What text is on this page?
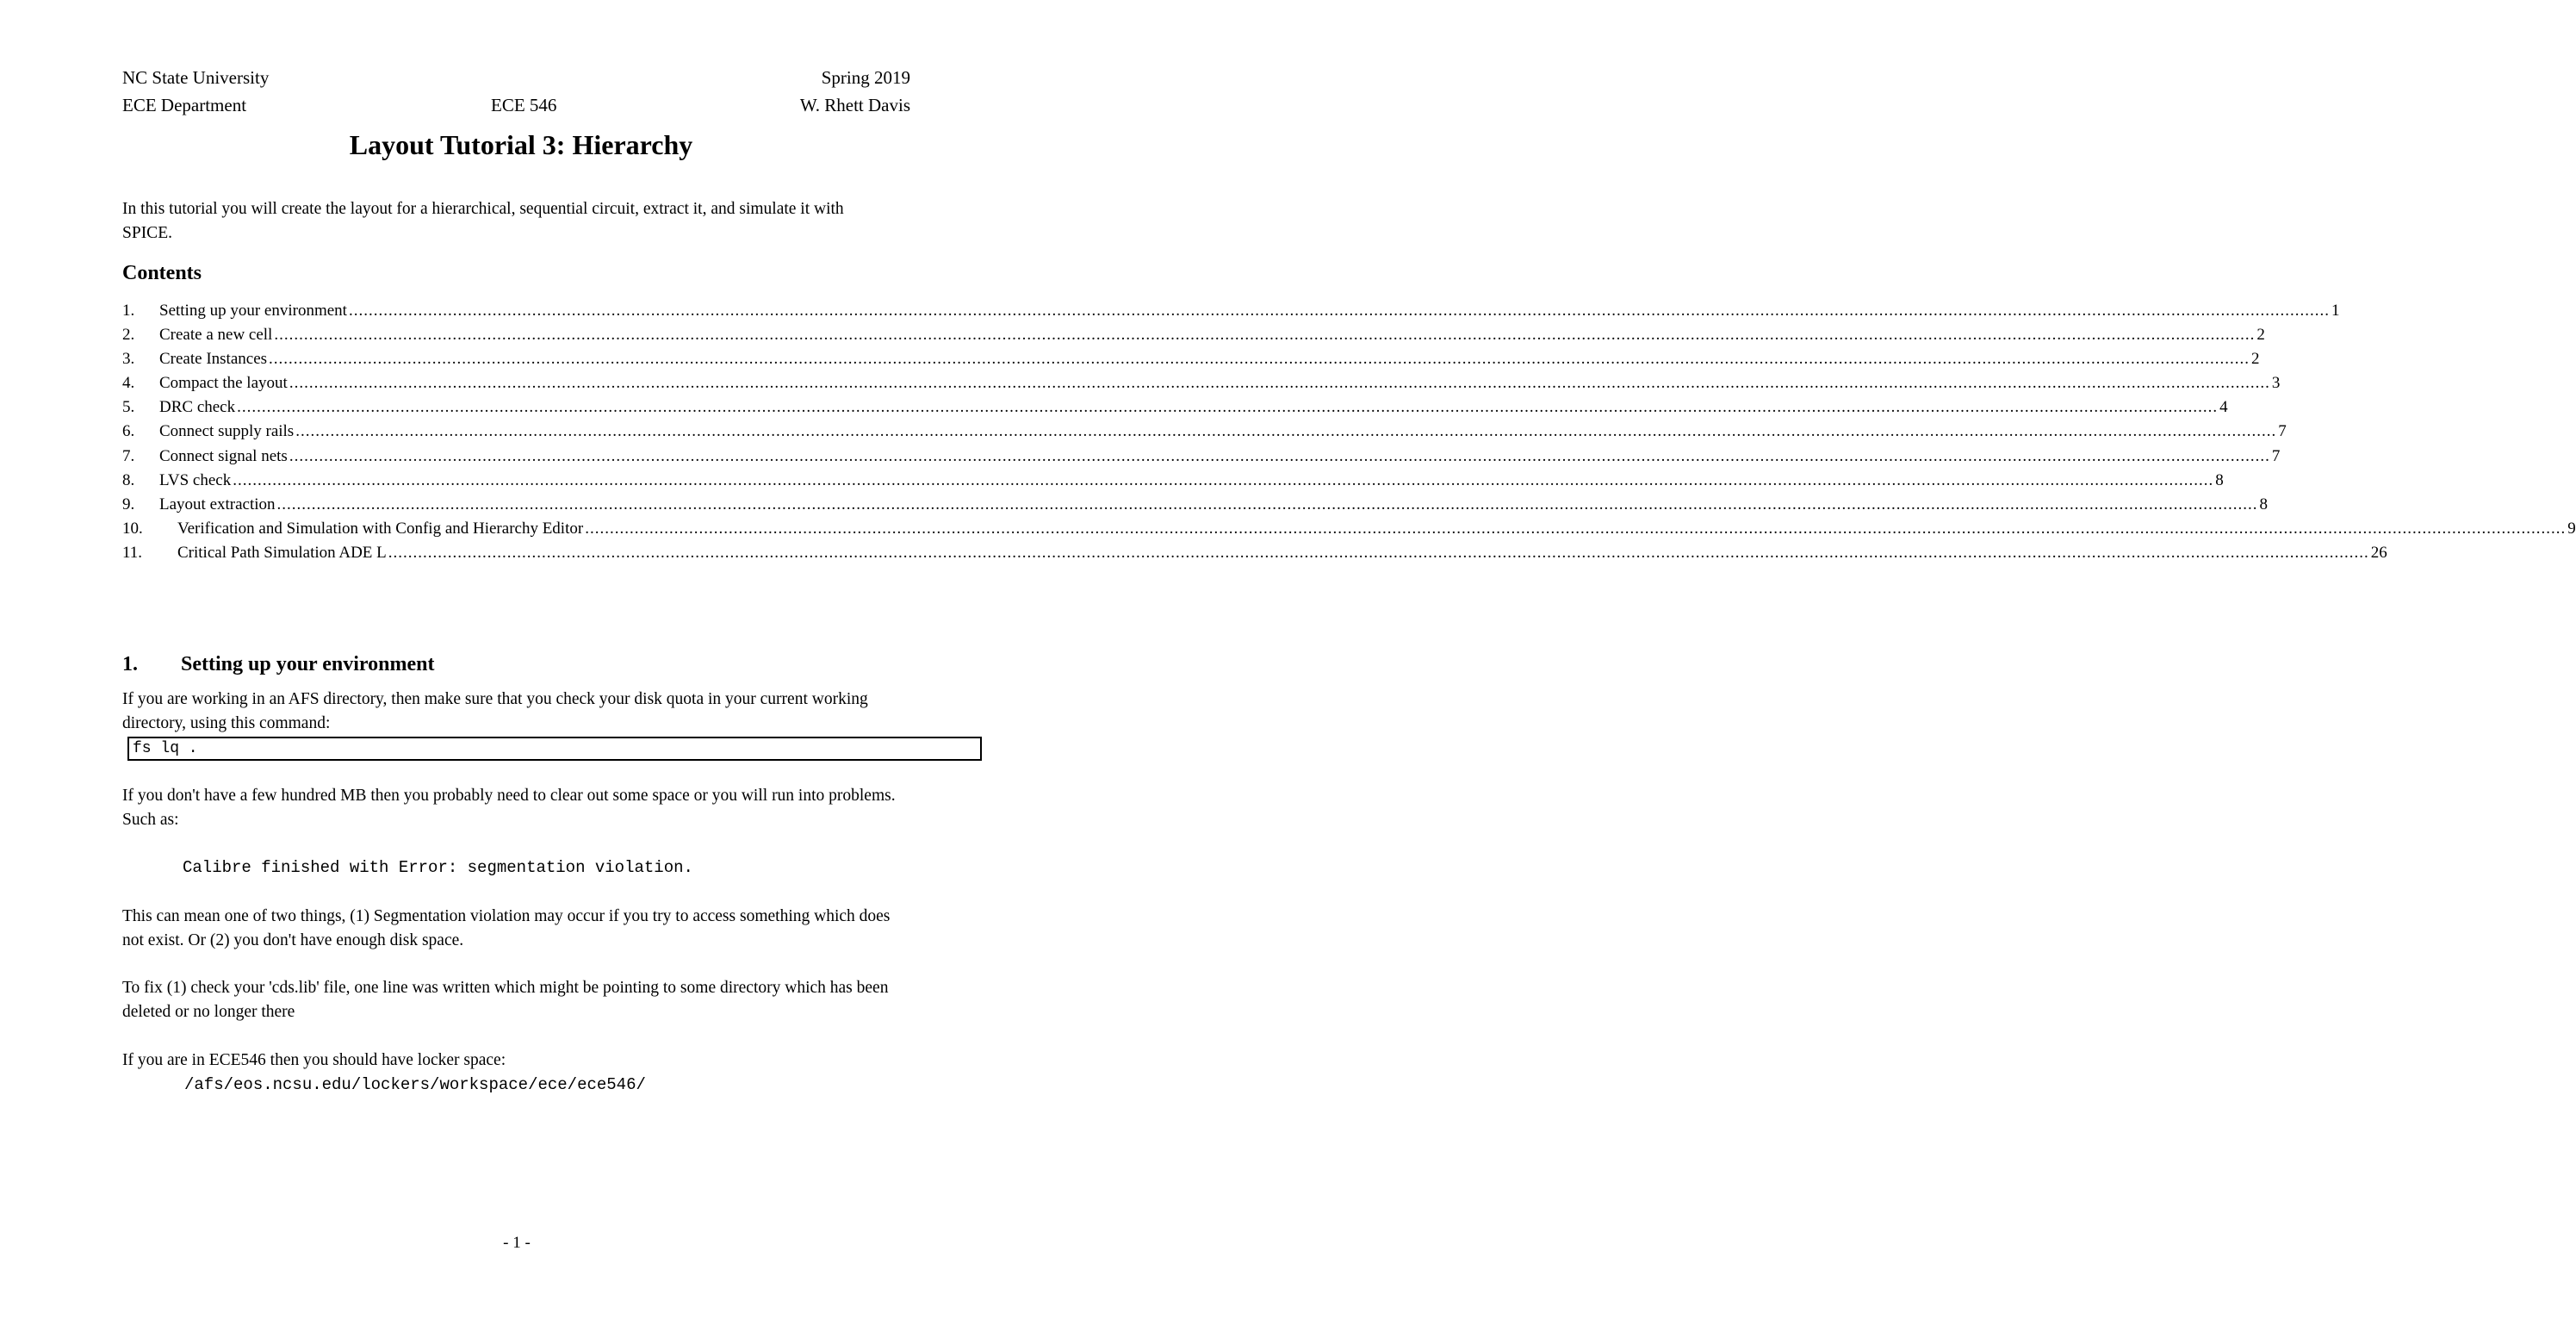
NC State University	Spring 2019
ECE Department	ECE 546	W. Rhett Davis
Layout Tutorial 3: Hierarchy
In this tutorial you will create the layout for a hierarchical, sequential circuit, extract it, and simulate it with SPICE.
Contents
1.	Setting up your environment ................................................................................................................................................................................................................................................................................................................................................................................................................ 1
2.	Create a new cell ................................................................................................................................................................................................................................................................................................................................................................................................................ 2
3.	Create Instances ................................................................................................................................................................................................................................................................................................................................................................................................................ 2
4.	Compact the layout ................................................................................................................................................................................................................................................................................................................................................................................................................ 3
5.	DRC check ................................................................................................................................................................................................................................................................................................................................................................................................................ 4
6.	Connect supply rails ................................................................................................................................................................................................................................................................................................................................................................................................................ 7
7.	Connect signal nets ................................................................................................................................................................................................................................................................................................................................................................................................................ 7
8.	LVS check ................................................................................................................................................................................................................................................................................................................................................................................................................ 8
9.	Layout extraction ................................................................................................................................................................................................................................................................................................................................................................................................................ 8
10.	Verification and Simulation with Config and Hierarchy Editor ................................................................................................................................................................................................................................................................................................................................................................................................................ 9
11.	Critical Path Simulation ADE L ................................................................................................................................................................................................................................................................................................................................................................................................................ 26
1. Setting up your environment
If you are working in an AFS directory, then make sure that you check your disk quota in your current working directory, using this command:
fs lq .
If you don't have a few hundred MB then you probably need to clear out some space or you will run into problems. Such as:
Calibre finished with Error: segmentation violation.
This can mean one of two things, (1) Segmentation violation may occur if you try to access something which does not exist. Or (2) you don't have enough disk space.
To fix (1) check your 'cds.lib' file, one line was written which might be pointing to some directory which has been deleted or no longer there
If you are in ECE546 then you should have locker space:
/afs/eos.ncsu.edu/lockers/workspace/ece/ece546/
- 1 -
